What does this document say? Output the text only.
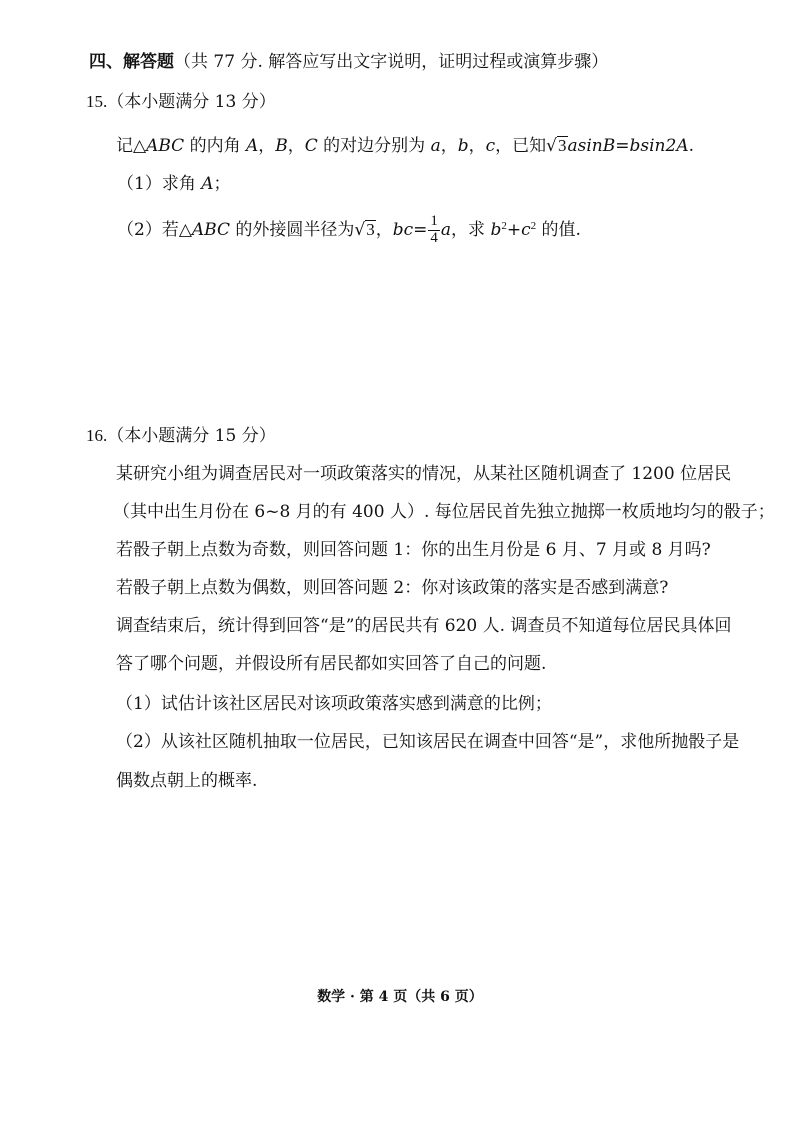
四、解答题（共 77 分. 解答应写出文字说明，证明过程或演算步骤）
15.（本小题满分 13 分）
记△ABC 的内角 A，B，C 的对边分别为 a，b，c，已知√3asinB=bsin2A.
（1）求角 A；
（2）若△ABC 的外接圆半径为√3，$bc= \frac{1}{4}$ a，求 $b^2+c^2$ 的值.
16.（本小题满分 15 分）
某研究小组为调查居民对一项政策落实的情况，从某社区随机调查了 1200 位居民
（其中出生月份在 6~8 月的有 400 人）. 每位居民首先独立抛掷一枚质地均匀的骰子；
若骰子朝上点数为奇数，则回答问题 1：你的出生月份是 6 月、7 月或 8 月吗?
若骰子朝上点数为偶数，则回答问题 2：你对该政策的落实是否感到满意?
调查结束后，统计得到回答“是”的居民共有 620 人. 调查员不知道每位居民具体回
答了哪个问题，并假设所有居民都如实回答了自己的问题.
（1）试估计该社区居民对该项政策落实感到满意的比例；
（2）从该社区随机抽取一位居民，已知该居民在调查中回答“是”，求他所抛骰子是
偶数点朝上的概率.
数学 · 第 4 页（共 6 页）
